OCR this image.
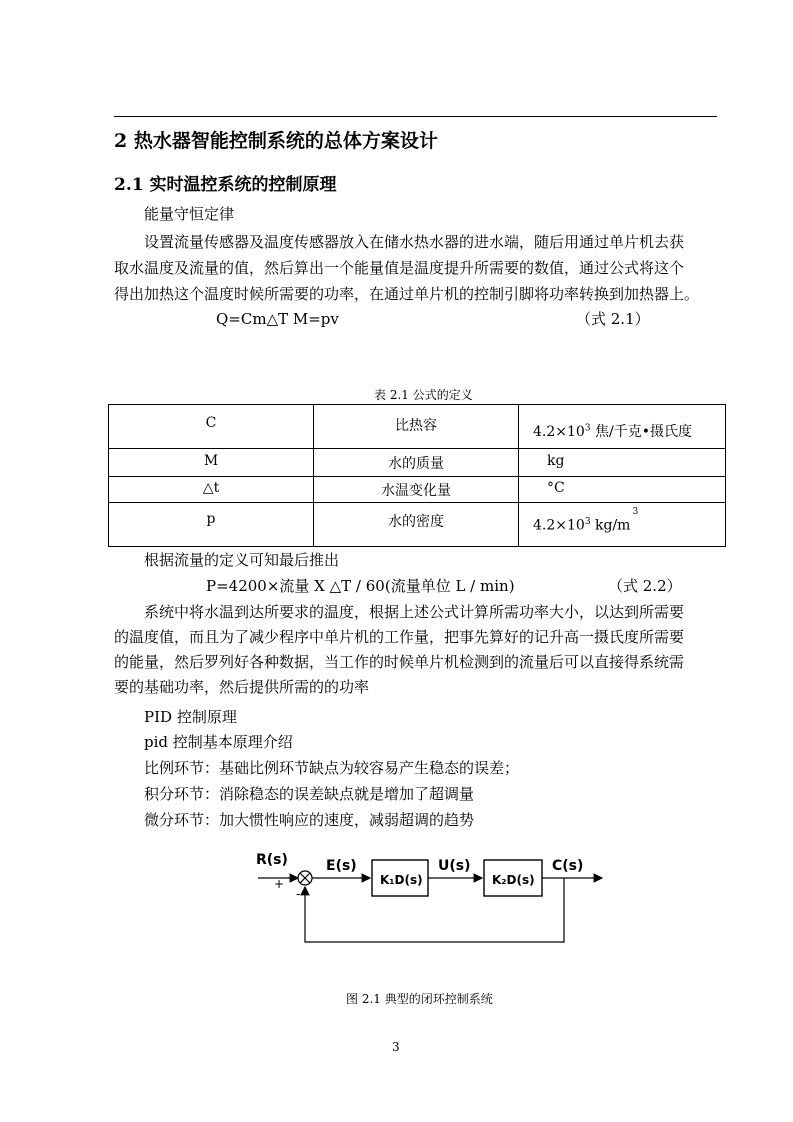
2 热水器智能控制系统的总体方案设计
2.1 实时温控系统的控制原理
能量守恒定律
设置流量传感器及温度传感器放入在储水热水器的进水端，随后用通过单片机去获
取水温度及流量的值，然后算出一个能量值是温度提升所需要的数值，通过公式将这个
得出加热这个温度时候所需要的功率，在通过单片机的控制引脚将功率转换到加热器上。
Q=Cm△T M=pv	（式 2.1）
表 2.1 公式的定义
C	比热容	$4.2\times 10^3$ 焦/千克•摄氏度

M	水的质量	kg

△t	水温变化量	°C

p	水的密度	$4.2\times 10^3$ $kg/m^3$
根据流量的定义可知最后推出
P=4200×流量 X △T / 60(流量单位 L / min)	（式 2.2）
系统中将水温到达所要求的温度，根据上述公式计算所需功率大小，以达到所需要
的温度值，而且为了减少程序中单片机的工作量，把事先算好的记升高一摄氏度所需要
的能量，然后罗列好各种数据，当工作的时候单片机检测到的流量后可以直接得系统需
要的基础功率，然后提供所需的的功率
PID 控制原理
pid 控制基本原理介绍
比例环节：基础比例环节缺点为较容易产生稳态的误差；
积分环节：消除稳态的误差缺点就是增加了超调量
微分环节：加大惯性响应的速度，减弱超调的趋势
R(s)
+
-
E(s)
K₁D(s)
U(s)
K₂D(s)
C(s)
图 2.1 典型的闭环控制系统
3
